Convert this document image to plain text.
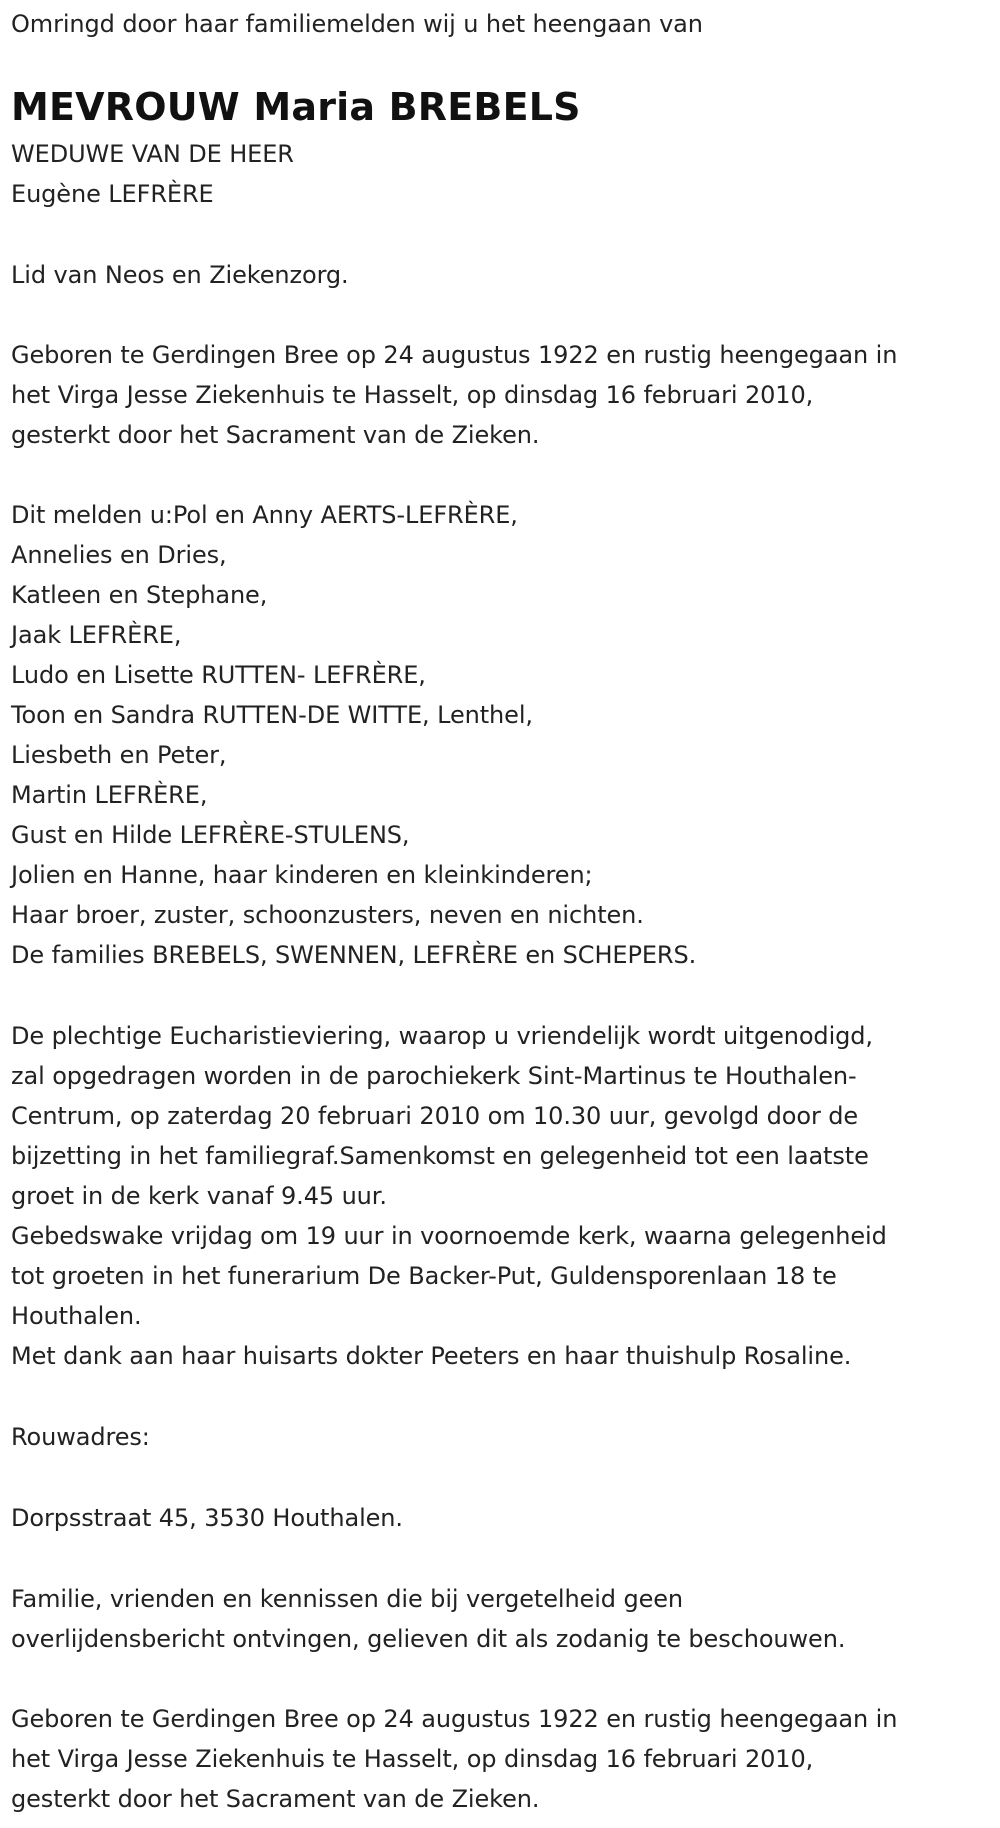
Omringd door haar familiemelden wij u het heengaan van
MEVROUW Maria BREBELS
WEDUWE VAN DE HEER
Eugène LEFRÈRE
Lid van Neos en Ziekenzorg.
Geboren te Gerdingen Bree op 24 augustus 1922 en rustig heengegaan in
het Virga Jesse Ziekenhuis te Hasselt, op dinsdag 16 februari 2010,
gesterkt door het Sacrament van de Zieken.
Dit melden u:Pol en Anny AERTS-LEFRÈRE,
Annelies en Dries,
Katleen en Stephane,
Jaak LEFRÈRE,
Ludo en Lisette RUTTEN- LEFRÈRE,
Toon en Sandra RUTTEN-DE WITTE, Lenthel,
Liesbeth en Peter,
Martin LEFRÈRE,
Gust en Hilde LEFRÈRE-STULENS,
Jolien en Hanne, haar kinderen en kleinkinderen;
Haar broer, zuster, schoonzusters, neven en nichten.
De families BREBELS, SWENNEN, LEFRÈRE en SCHEPERS.
De plechtige Eucharistieviering, waarop u vriendelijk wordt uitgenodigd,
zal opgedragen worden in de parochiekerk Sint-Martinus te Houthalen-
Centrum, op zaterdag 20 februari 2010 om 10.30 uur, gevolgd door de
bijzetting in het familiegraf.Samenkomst en gelegenheid tot een laatste
groet in de kerk vanaf 9.45 uur.
Gebedswake vrijdag om 19 uur in voornoemde kerk, waarna gelegenheid
tot groeten in het funerarium De Backer-Put, Guldensporenlaan 18 te
Houthalen.
Met dank aan haar huisarts dokter Peeters en haar thuishulp Rosaline.
Rouwadres:
Dorpsstraat 45, 3530 Houthalen.
Familie, vrienden en kennissen die bij vergetelheid geen
overlijdensbericht ontvingen, gelieven dit als zodanig te beschouwen.
Geboren te Gerdingen Bree op 24 augustus 1922 en rustig heengegaan in
het Virga Jesse Ziekenhuis te Hasselt, op dinsdag 16 februari 2010,
gesterkt door het Sacrament van de Zieken.
